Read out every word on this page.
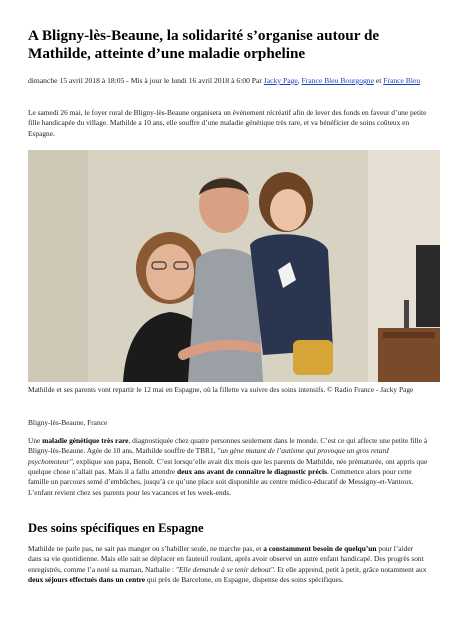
A Bligny-lès-Beaune, la solidarité s’organise autour de Mathilde, atteinte d’une maladie orpheline
dimanche 15 avril 2018 à 18:05 - Mis à jour le lundi 16 avril 2018 à 6:00 Par Jacky Page, France Bleu Bourgogne et France Bleu

Le samedi 26 mai, le foyer rural de Bligny-lès-Beaune organisera un événement récréatif afin de lever des fonds en faveur d’une petite fille handicapée du village. Mathilde a 10 ans, elle souffre d’une maladie génétique très rare, et va bénéficier de soins coûteux en Espagne.

Mathilde et ses parents vont repartir le 12 mai en Espagne, où la fillette va suivre des soins intensifs. © Radio France - Jacky Page

Bligny-lès-Beaune, France

Une maladie génétique très rare, diagnostiquée chez quatre personnes seulement dans le monde. C’est ce qui affecte une petite fille à Bligny-lès-Beaune. Agée de 10 ans, Mathilde souffre de TBR1, "un gène mutant de l’autisme qui provoque un gros retard psychomoteur", explique son papa, Benoît. C’est lorsqu’elle avait dix mois que les parents de Mathilde, née prématurée, ont appris que quelque chose n’allait pas. Mais il a fallu attendre deux ans avant de connaître le diagnostic précis. Commence alors pour cette famille un parcours semé d’embûches, jusqu’à ce qu’une place soit disponible au centre médico-éducatif de Messigny-et-Vantoux. L’enfant revient chez ses parents pour les vacances et les week-ends.

Des soins spécifiques en Espagne

Mathilde ne parle pas, ne sait pas manger ou s’habiller seule, ne marche pas, et a constamment besoin de quelqu’un pour l’aider dans sa vie quotidienne. Mais elle sait se déplacer en fauteuil roulant, après avoir observé un autre enfant handicapé. Des progrès sont enregistrés, comme l’a noté sa maman, Nathalie : "Elle demande à se tenir debout". Et elle apprend, petit à petit, grâce notamment aux deux séjours effectués dans un centre qui près de Barcelone, en Espagne, dispense des soins spécifiques.
